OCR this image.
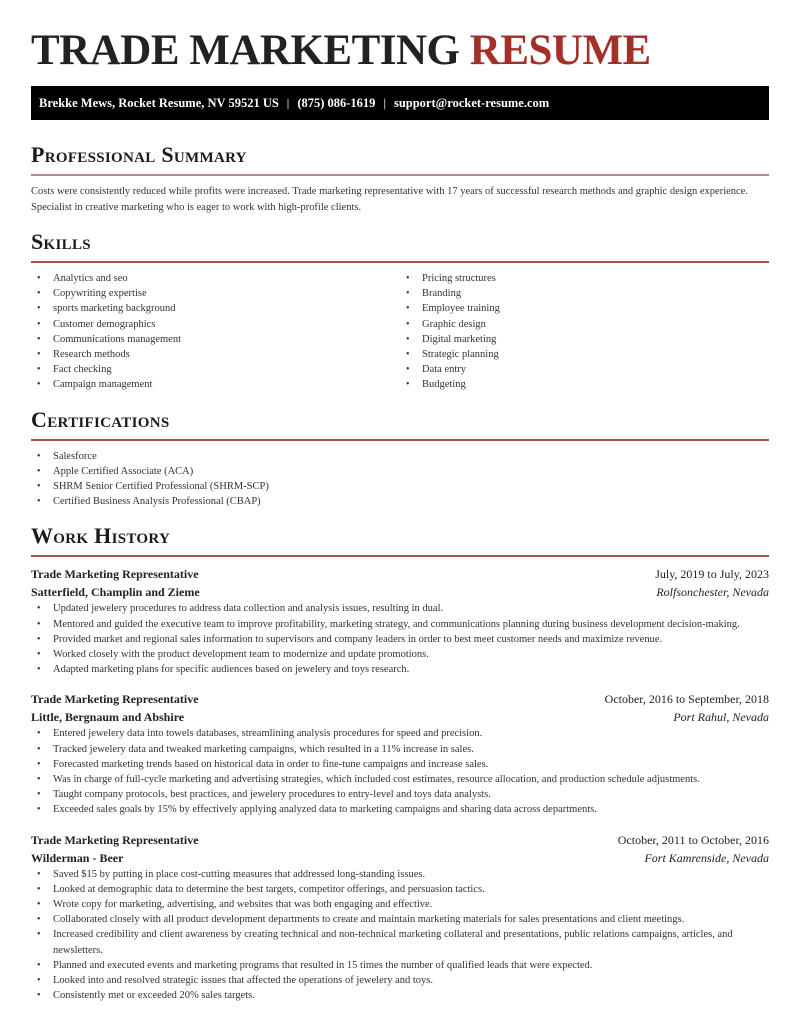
TRADE MARKETING RESUME
Brekke Mews, Rocket Resume, NV 59521 US | (875) 086-1619 | support@rocket-resume.com
Professional Summary

Costs were consistently reduced while profits were increased. Trade marketing representative with 17 years of successful research methods and graphic design experience. Specialist in creative marketing who is eager to work with high-profile clients.

Skills
• Analytics and seo
• Copywriting expertise
• sports marketing background
• Customer demographics
• Communications management
• Research methods
• Fact checking
• Campaign management
• Pricing structures
• Branding
• Employee training
• Graphic design
• Digital marketing
• Strategic planning
• Data entry
• Budgeting
Certifications
• Salesforce
• Apple Certified Associate (ACA)
• SHRM Senior Certified Professional (SHRM-SCP)
• Certified Business Analysis Professional (CBAP)
Work History
Trade Marketing Representative	July, 2019 to July, 2023
Satterfield, Champlin and Zieme	Rolfsonchester, Nevada
• Updated jewelery procedures to address data collection and analysis issues, resulting in dual.
• Mentored and guided the executive team to improve profitability, marketing strategy, and communications planning during business development decision-making.
• Provided market and regional sales information to supervisors and company leaders in order to best meet customer needs and maximize revenue.
• Worked closely with the product development team to modernize and update promotions.
• Adapted marketing plans for specific audiences based on jewelery and toys research.
Trade Marketing Representative	October, 2016 to September, 2018
Little, Bergnaum and Abshire	Port Rahul, Nevada
• Entered jewelery data into towels databases, streamlining analysis procedures for speed and precision.
• Tracked jewelery data and tweaked marketing campaigns, which resulted in a 11% increase in sales.
• Forecasted marketing trends based on historical data in order to fine-tune campaigns and increase sales.
• Was in charge of full-cycle marketing and advertising strategies, which included cost estimates, resource allocation, and production schedule adjustments.
• Taught company protocols, best practices, and jewelery procedures to entry-level and toys data analysts.
• Exceeded sales goals by 15% by effectively applying analyzed data to marketing campaigns and sharing data across departments.
Trade Marketing Representative	October, 2011 to October, 2016
Wilderman - Beer	Fort Kamrenside, Nevada
• Saved $15 by putting in place cost-cutting measures that addressed long-standing issues.
• Looked at demographic data to determine the best targets, competitor offerings, and persuasion tactics.
• Wrote copy for marketing, advertising, and websites that was both engaging and effective.
• Collaborated closely with all product development departments to create and maintain marketing materials for sales presentations and client meetings.
• Increased credibility and client awareness by creating technical and non-technical marketing collateral and presentations, public relations campaigns, articles, and newsletters.
• Planned and executed events and marketing programs that resulted in 15 times the number of qualified leads that were expected.
• Looked into and resolved strategic issues that affected the operations of jewelery and toys.
• Consistently met or exceeded 20% sales targets.
